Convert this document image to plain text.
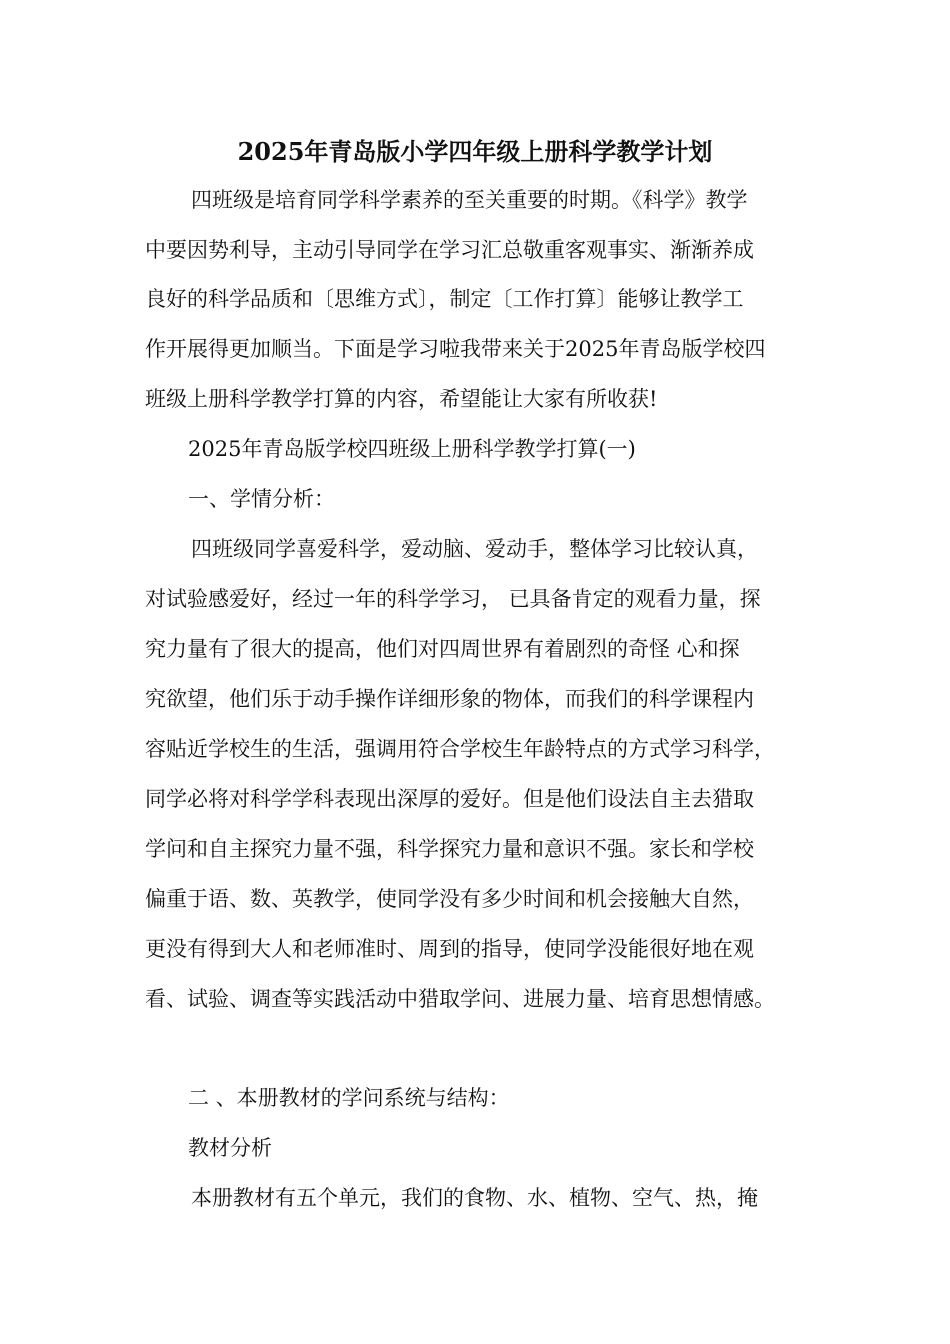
2025年青岛版小学四年级上册科学教学计划
四班级是培育同学科学素养的至关重要的时期。《科学》教学
中要因势利导，主动引导同学在学习汇总敬重客观事实、渐渐养成
良好的科学品质和〔思维方式〕，制定〔工作打算〕能够让教学工
作开展得更加顺当。下面是学习啦我带来关于2025年青岛版学校四
班级上册科学教学打算的内容，希望能让大家有所收获!
2025年青岛版学校四班级上册科学教学打算(一)
一、学情分析：
四班级同学喜爱科学，爱动脑、爱动手，整体学习比较认真，
对试验感爱好，经过一年的科学学习， 已具备肯定的观看力量，探
究力量有了很大的提高，他们对四周世界有着剧烈的奇怪 心和探
究欲望，他们乐于动手操作详细形象的物体，而我们的科学课程内
容贴近学校生的生活，强调用符合学校生年龄特点的方式学习科学，
同学必将对科学学科表现出深厚的爱好。但是他们设法自主去猎取
学问和自主探究力量不强，科学探究力量和意识不强。家长和学校
偏重于语、数、英教学，使同学没有多少时间和机会接触大自然，
更没有得到大人和老师准时、周到的指导，使同学没能很好地在观
看、试验、调查等实践活动中猎取学问、进展力量、培育思想情感。
二 、本册教材的学问系统与结构：
教材分析
本册教材有五个单元，我们的食物、水、植物、空气、热，掩
